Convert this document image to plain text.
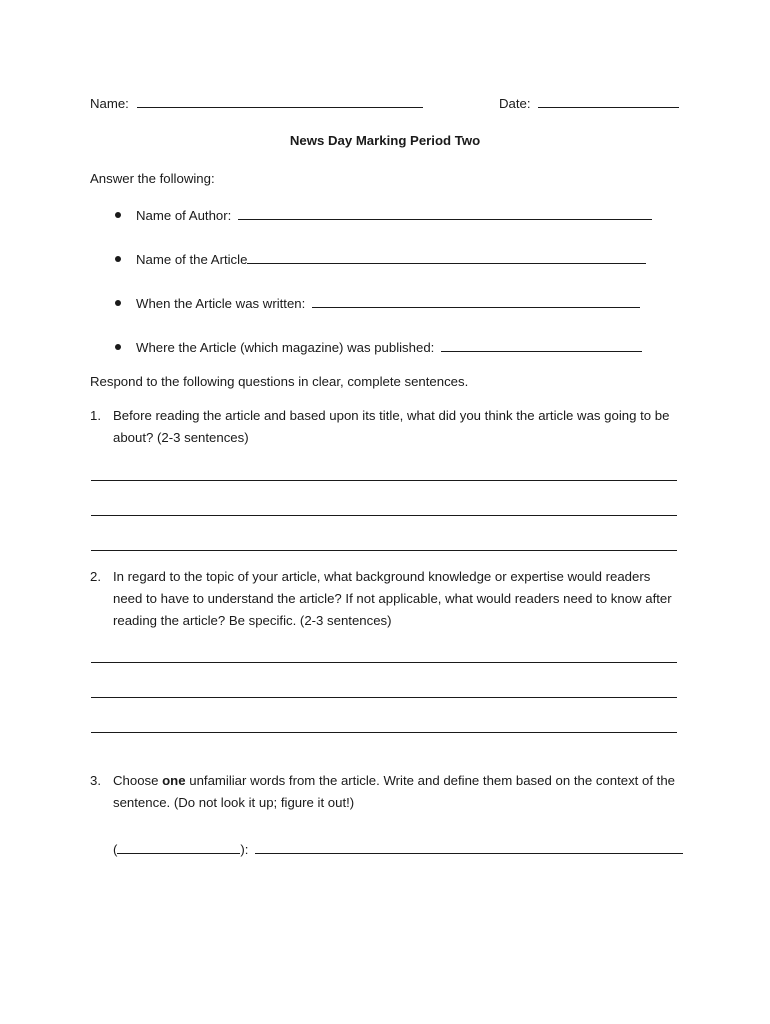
Name:	Date:
News Day Marking Period Two
Answer the following:
Name of Author:
Name of the Article
When the Article was written:
Where the Article (which magazine) was published:
Respond to the following questions in clear, complete sentences.
1. Before reading the article and based upon its title, what did you think the article was going to be about? (2-3 sentences)
2. In regard to the topic of your article, what background knowledge or expertise would readers need to have to understand the article? If not applicable, what would readers need to know after reading the article? Be specific. (2-3 sentences)
3. Choose one unfamiliar words from the article. Write and define them based on the context of the sentence. (Do not look it up; figure it out!)
(	):
